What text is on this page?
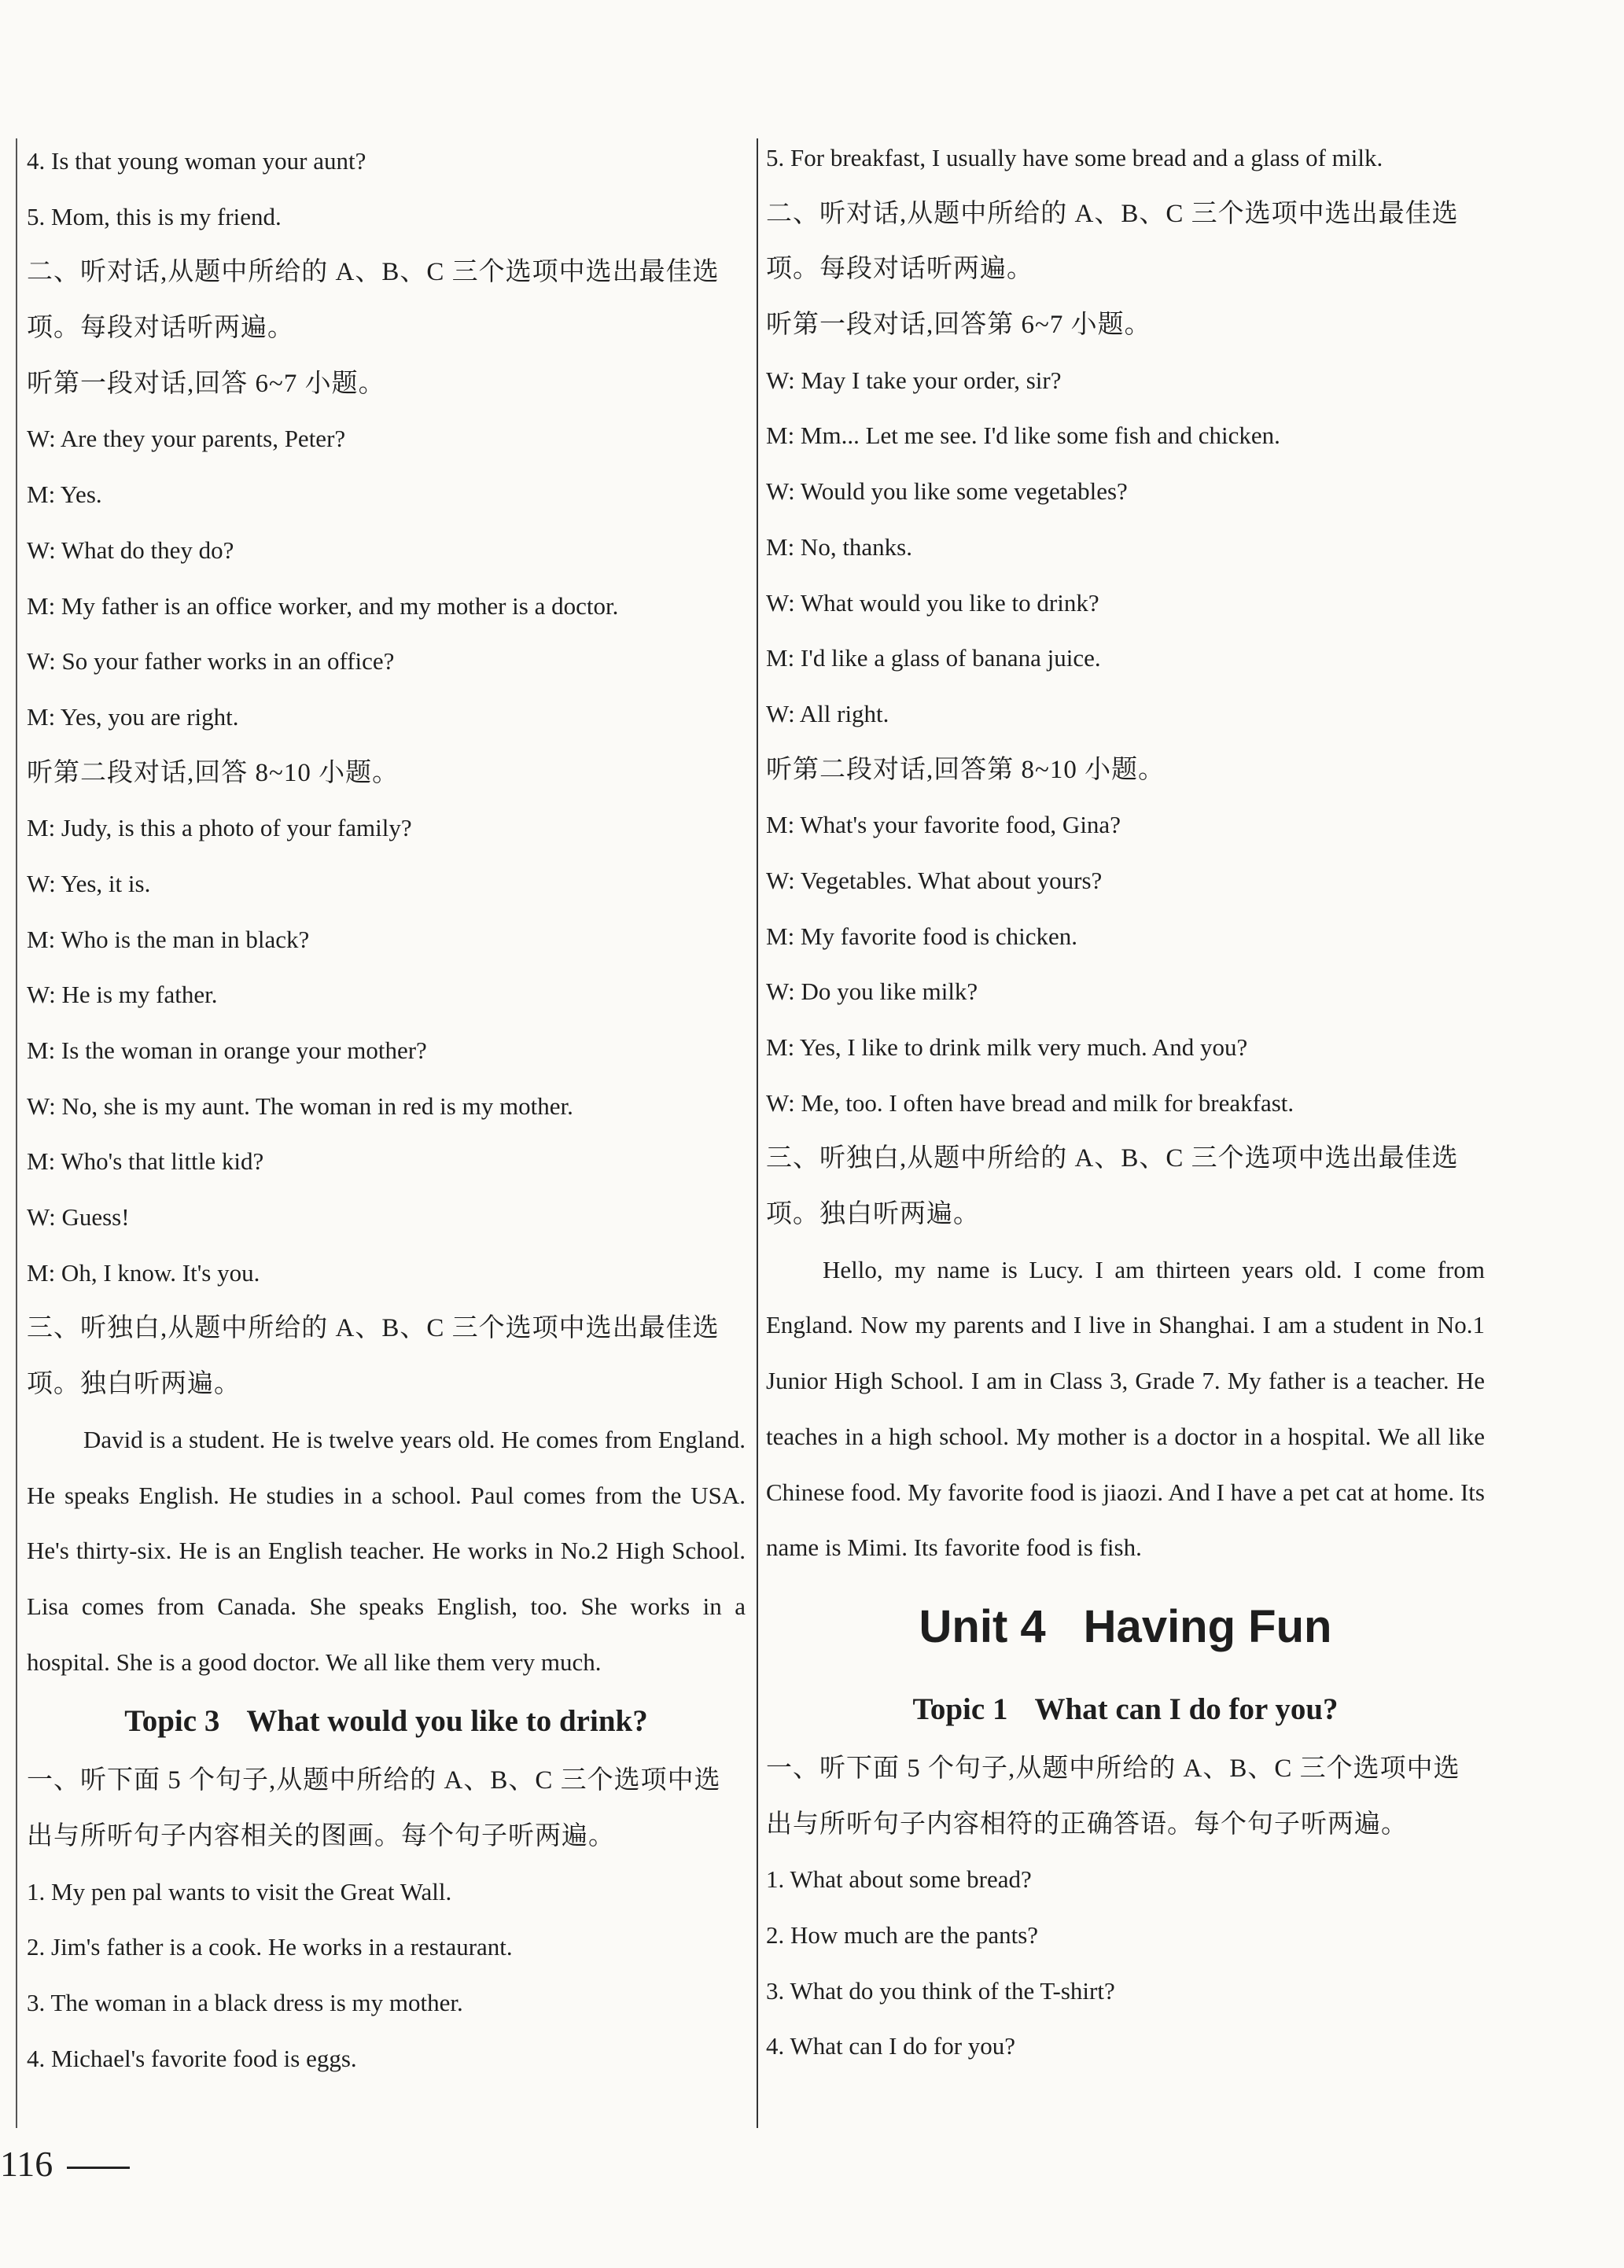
4. Is that young woman your aunt?
5. Mom, this is my friend.
二、听对话,从题中所给的 A、B、C 三个选项中选出最佳选
项。每段对话听两遍。
听第一段对话,回答 6~7 小题。
W: Are they your parents, Peter?
M: Yes.
W: What do they do?
M: My father is an office worker, and my mother is a doctor.
W: So your father works in an office?
M: Yes, you are right.
听第二段对话,回答 8~10 小题。
M: Judy, is this a photo of your family?
W: Yes, it is.
M: Who is the man in black?
W: He is my father.
M: Is the woman in orange your mother?
W: No, she is my aunt. The woman in red is my mother.
M: Who's that little kid?
W: Guess!
M: Oh, I know. It's you.
三、听独白,从题中所给的 A、B、C 三个选项中选出最佳选
项。独白听两遍。
David is a student. He is twelve years old. He comes from England. He speaks English. He studies in a school. Paul comes from the USA. He's thirty-six. He is an English teacher. He works in No.2 High School. Lisa comes from Canada. She speaks English, too. She works in a hospital. She is a good doctor. We all like them very much.
Topic 3 What would you like to drink?
一、听下面 5 个句子,从题中所给的 A、B、C 三个选项中选
出与所听句子内容相关的图画。每个句子听两遍。
1. My pen pal wants to visit the Great Wall.
2. Jim's father is a cook. He works in a restaurant.
3. The woman in a black dress is my mother.
4. Michael's favorite food is eggs.
5. For breakfast, I usually have some bread and a glass of milk.
二、听对话,从题中所给的 A、B、C 三个选项中选出最佳选
项。每段对话听两遍。
听第一段对话,回答第 6~7 小题。
W: May I take your order, sir?
M: Mm... Let me see. I'd like some fish and chicken.
W: Would you like some vegetables?
M: No, thanks.
W: What would you like to drink?
M: I'd like a glass of banana juice.
W: All right.
听第二段对话,回答第 8~10 小题。
M: What's your favorite food, Gina?
W: Vegetables. What about yours?
M: My favorite food is chicken.
W: Do you like milk?
M: Yes, I like to drink milk very much. And you?
W: Me, too. I often have bread and milk for breakfast.
三、听独白,从题中所给的 A、B、C 三个选项中选出最佳选
项。独白听两遍。
Hello, my name is Lucy. I am thirteen years old. I come from England. Now my parents and I live in Shanghai. I am a student in No.1 Junior High School. I am in Class 3, Grade 7. My father is a teacher. He teaches in a high school. My mother is a doctor in a hospital. We all like Chinese food. My favorite food is jiaozi. And I have a pet cat at home. Its name is Mimi. Its favorite food is fish.
Unit 4 Having Fun
Topic 1 What can I do for you?
一、听下面 5 个句子,从题中所给的 A、B、C 三个选项中选
出与所听句子内容相符的正确答语。每个句子听两遍。
1. What about some bread?
2. How much are the pants?
3. What do you think of the T-shirt?
4. What can I do for you?
116
